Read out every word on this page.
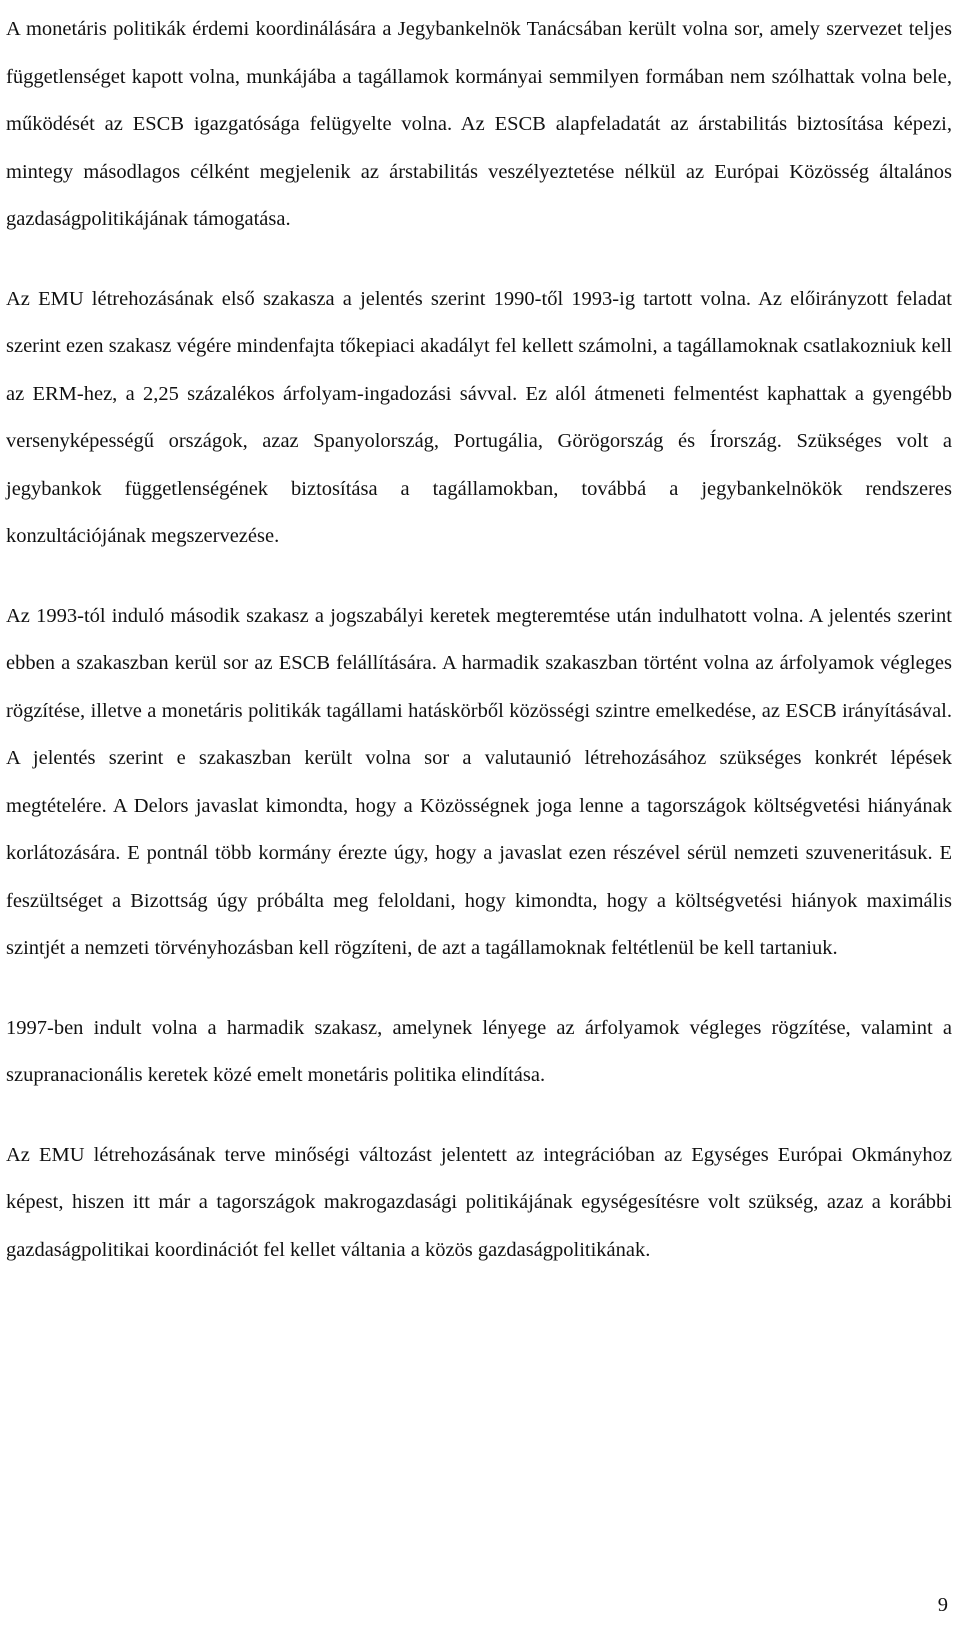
A monetáris politikák érdemi koordinálására a Jegybankelnök Tanácsában került volna sor, amely szervezet teljes függetlenséget kapott volna, munkájába a tagállamok kormányai semmilyen formában nem szólhattak volna bele, működését az ESCB igazgatósága felügyelte volna. Az ESCB alapfeladatát az árstabilitás biztosítása képezi, mintegy másodlagos célként megjelenik az árstabilitás veszélyeztetése nélkül az Európai Közösség általános gazdaságpolitikájának támogatása.

Az EMU létrehozásának első szakasza a jelentés szerint 1990-től 1993-ig tartott volna. Az előirányzott feladat szerint ezen szakasz végére mindenfajta tőkepiaci akadályt fel kellett számolni, a tagállamoknak csatlakozniuk kell az ERM-hez, a 2,25 százalékos árfolyam-ingadozási sávval. Ez alól átmeneti felmentést kaphattak a gyengébb versenyképességű országok, azaz Spanyolország, Portugália, Görögország és Írország. Szükséges volt a jegybankok függetlenségének biztosítása a tagállamokban, továbbá a jegybankelnökök rendszeres konzultációjának megszervezése.

Az 1993-tól induló második szakasz a jogszabályi keretek megteremtése után indulhatott volna. A jelentés szerint ebben a szakaszban kerül sor az ESCB felállítására. A harmadik szakaszban történt volna az árfolyamok végleges rögzítése, illetve a monetáris politikák tagállami hatáskörből közösségi szintre emelkedése, az ESCB irányításával. A jelentés szerint e szakaszban került volna sor a valutaunió létrehozásához szükséges konkrét lépések megtételére. A Delors javaslat kimondta, hogy a Közösségnek joga lenne a tagországok költségvetési hiányának korlátozására. E pontnál több kormány érezte úgy, hogy a javaslat ezen részével sérül nemzeti szuveneritásuk. E feszültséget a Bizottság úgy próbálta meg feloldani, hogy kimondta, hogy a költségvetési hiányok maximális szintjét a nemzeti törvényhozásban kell rögzíteni, de azt a tagállamoknak feltétlenül be kell tartaniuk.

1997-ben indult volna a harmadik szakasz, amelynek lényege az árfolyamok végleges rögzítése, valamint a szupranacionális keretek közé emelt monetáris politika elindítása.

Az EMU létrehozásának terve minőségi változást jelentett az integrációban az Egységes Európai Okmányhoz képest, hiszen itt már a tagországok makrogazdasági politikájának egységesítésre volt szükség, azaz a korábbi gazdaságpolitikai koordinációt fel kellet váltania a közös gazdaságpolitikának.

9
